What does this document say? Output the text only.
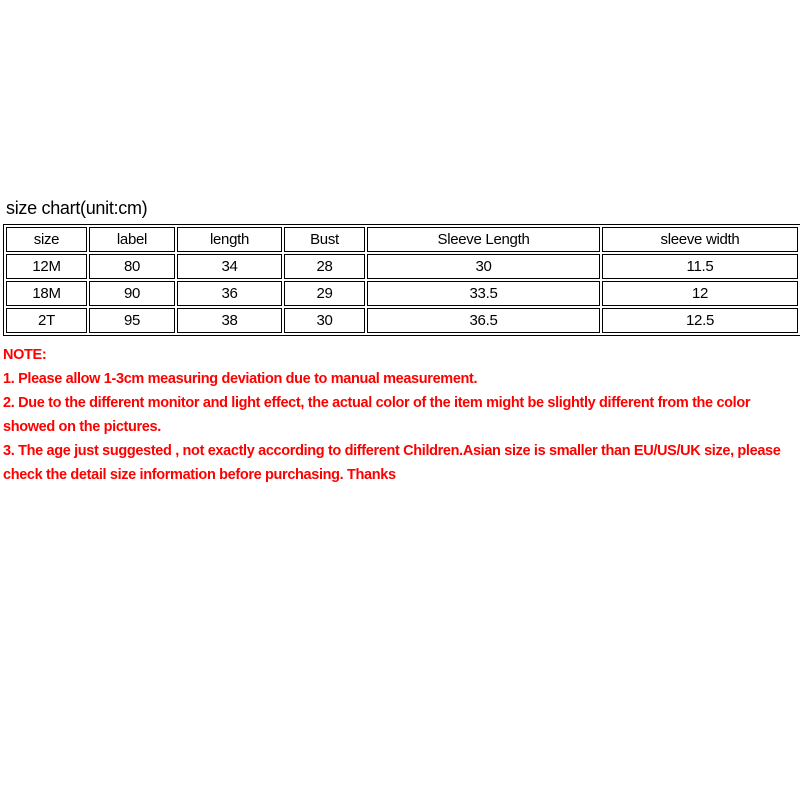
size chart(unit:cm)
size	label	length	Bust	Sleeve Length	sleeve width
12M	80	34	28	30	11.5
18M	90	36	29	33.5	12
2T	95	38	30	36.5	12.5

NOTE:

1. Please allow 1-3cm measuring deviation due to manual measurement.

2. Due to the different monitor and light effect, the actual color of the item might be slightly different from the color showed on the pictures.

3. The age just suggested , not exactly according to different Children.Asian size is smaller than EU/US/UK size, please check the detail size information before purchasing. Thanks
